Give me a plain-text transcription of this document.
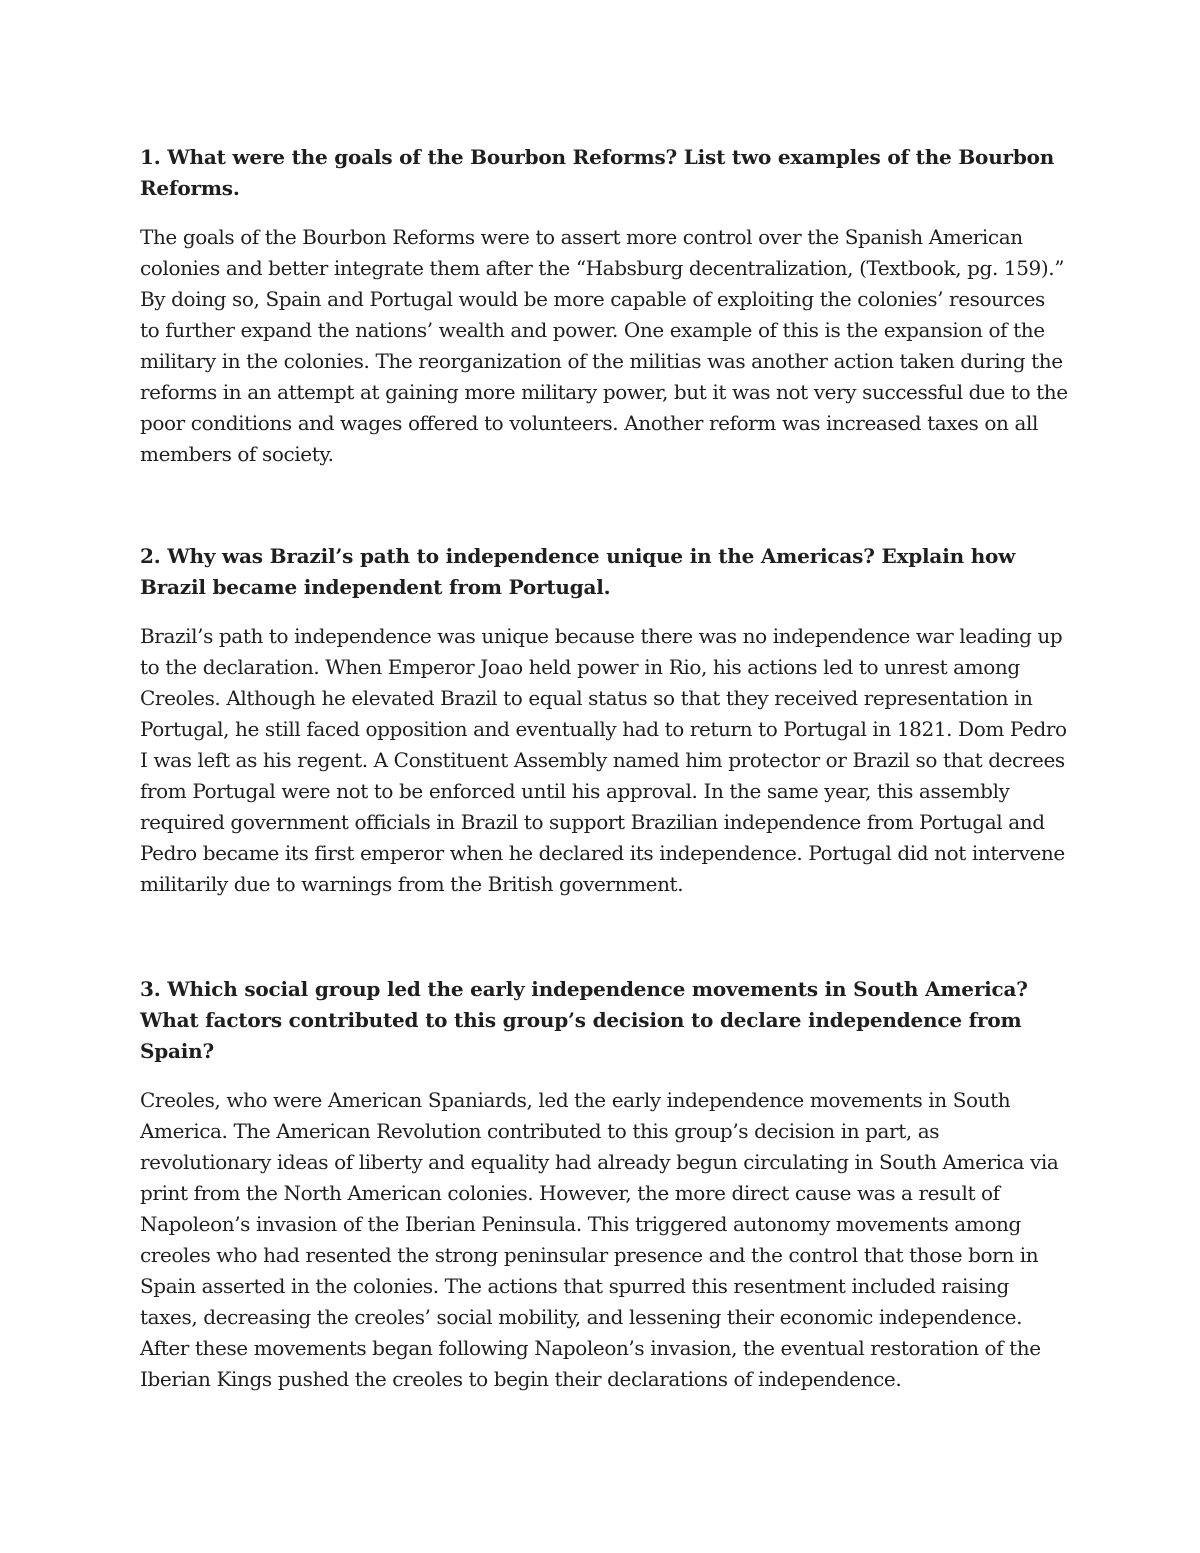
1. What were the goals of the Bourbon Reforms? List two examples of the Bourbon Reforms.

The goals of the Bourbon Reforms were to assert more control over the Spanish American colonies and better integrate them after the “Habsburg decentralization, (Textbook, pg. 159).” By doing so, Spain and Portugal would be more capable of exploiting the colonies’ resources to further expand the nations’ wealth and power. One example of this is the expansion of the military in the colonies. The reorganization of the militias was another action taken during the reforms in an attempt at gaining more military power, but it was not very successful due to the poor conditions and wages offered to volunteers. Another reform was increased taxes on all members of society.

2. Why was Brazil’s path to independence unique in the Americas? Explain how Brazil became independent from Portugal.

Brazil’s path to independence was unique because there was no independence war leading up to the declaration. When Emperor Joao held power in Rio, his actions led to unrest among Creoles. Although he elevated Brazil to equal status so that they received representation in Portugal, he still faced opposition and eventually had to return to Portugal in 1821. Dom Pedro I was left as his regent. A Constituent Assembly named him protector or Brazil so that decrees from Portugal were not to be enforced until his approval. In the same year, this assembly required government officials in Brazil to support Brazilian independence from Portugal and Pedro became its first emperor when he declared its independence. Portugal did not intervene militarily due to warnings from the British government.

3. Which social group led the early independence movements in South America? What factors contributed to this group’s decision to declare independence from Spain?

Creoles, who were American Spaniards, led the early independence movements in South America. The American Revolution contributed to this group’s decision in part, as revolutionary ideas of liberty and equality had already begun circulating in South America via print from the North American colonies. However, the more direct cause was a result of Napoleon’s invasion of the Iberian Peninsula. This triggered autonomy movements among creoles who had resented the strong peninsular presence and the control that those born in Spain asserted in the colonies. The actions that spurred this resentment included raising taxes, decreasing the creoles’ social mobility, and lessening their economic independence. After these movements began following Napoleon’s invasion, the eventual restoration of the Iberian Kings pushed the creoles to begin their declarations of independence.
